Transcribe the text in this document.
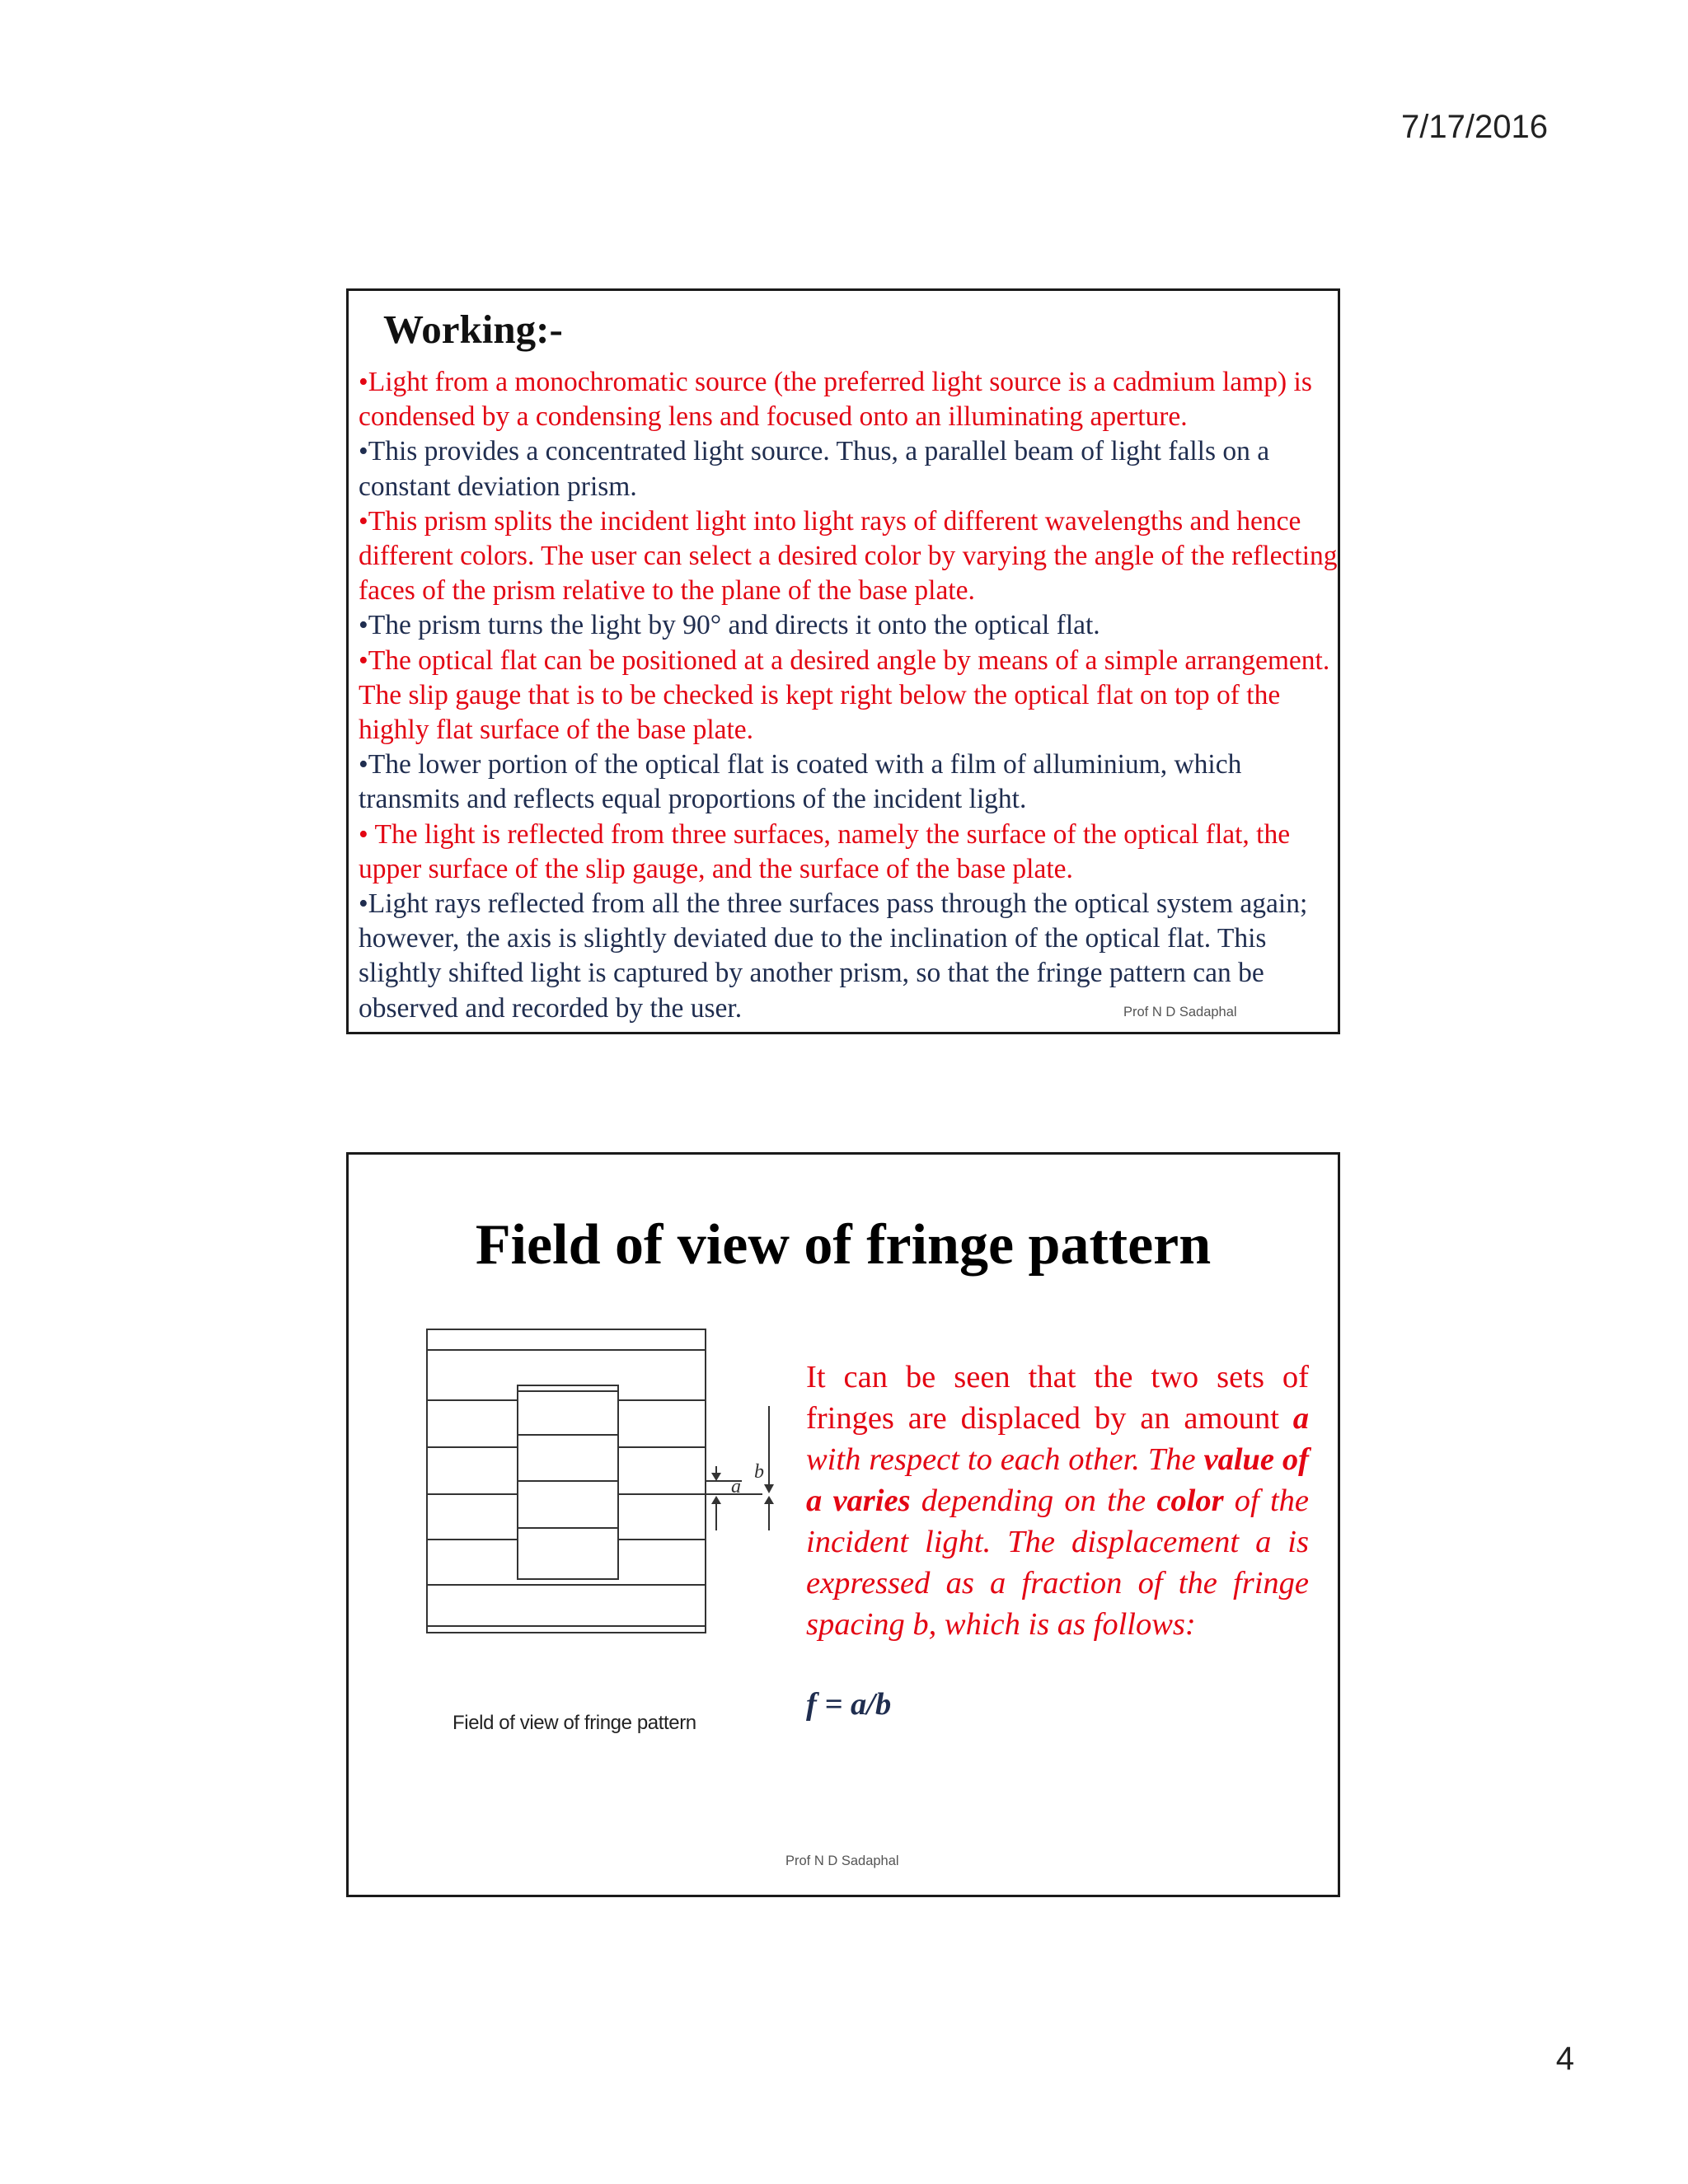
7/17/2016
Working:-

•Light from a monochromatic source (the preferred light source is a cadmium lamp) is condensed by a condensing lens and focused onto an illuminating aperture.

•This provides a concentrated light source. Thus, a parallel beam of light falls on a constant deviation prism.

•This prism splits the incident light into light rays of different wavelengths and hence different colors. The user can select a desired color by varying the angle of the reflecting faces of the prism relative to the plane of the base plate.

•The prism turns the light by 90° and directs it onto the optical flat.

•The optical flat can be positioned at a desired angle by means of a simple arrangement. The slip gauge that is to be checked is kept right below the optical flat on top of the highly flat surface of the base plate.

•The lower portion of the optical flat is coated with a film of alluminium, which transmits and reflects equal proportions of the incident light.

• The light is reflected from three surfaces, namely the surface of the optical flat, the upper surface of the slip gauge, and the surface of the base plate.

•Light rays reflected from all the three surfaces pass through the optical system again; however, the axis is slightly deviated due to the inclination of the optical flat. This slightly shifted light is captured by another prism, so that the fringe pattern can be observed and recorded by the user.	Prof N D Sadaphal
Field of view of fringe pattern
a
b
Field of view of fringe pattern
It can be seen that the two sets of fringes are displaced by an amount a with respect to each other. The value of a varies depending on the color of the incident light. The displacement a is expressed as a fraction of the fringe spacing b, which is as follows:
f = a/b
Prof N D Sadaphal
4
